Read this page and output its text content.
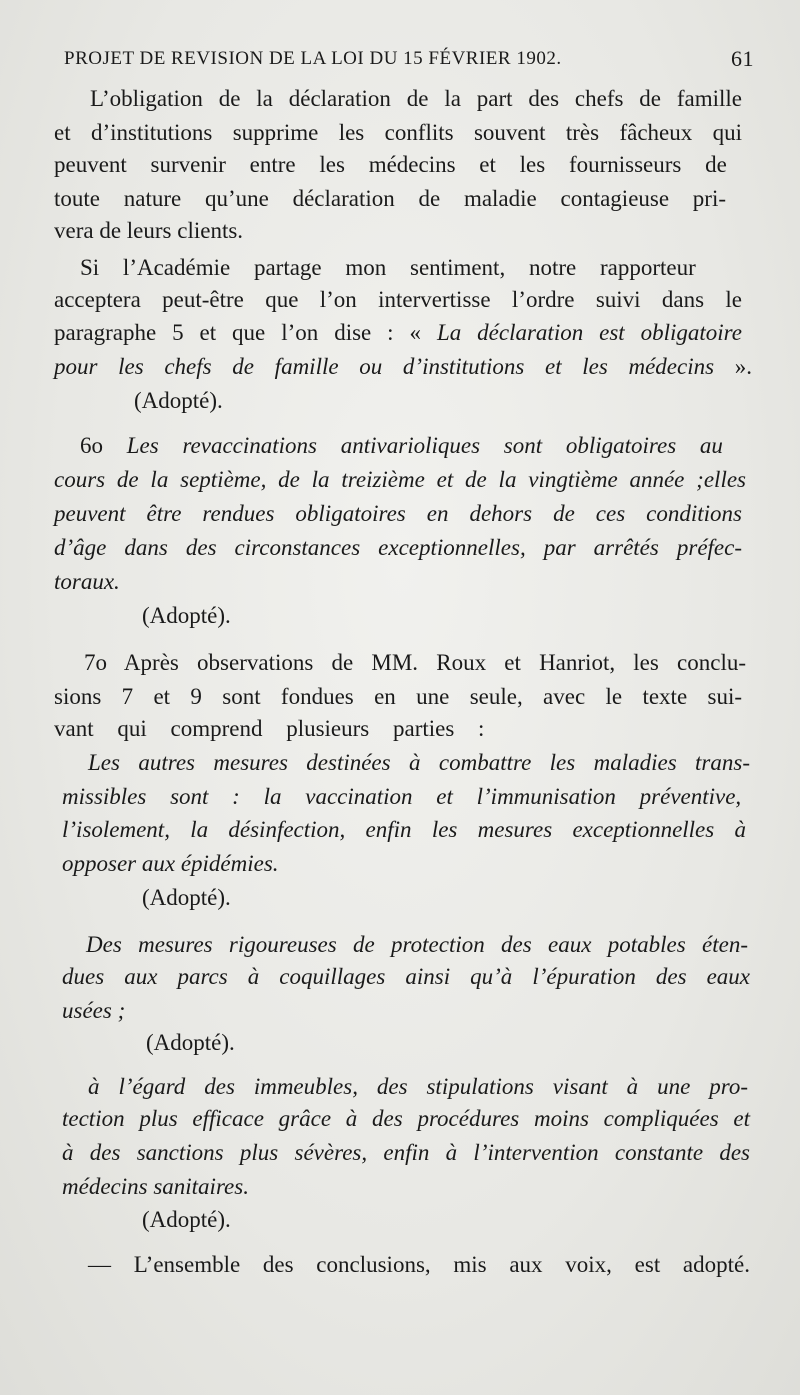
PROJET DE REVISION DE LA LOI DU 15 FÉVRIER 1902.	61
L’obligation de la déclaration de la part des chefs de famille
et d’institutions supprime les conflits souvent très fâcheux qui
peuvent survenir entre les médecins et les fournisseurs de
toute nature qu’une déclaration de maladie contagieuse pri-
vera de leurs clients.
Si l’Académie partage mon sentiment, notre rapporteur
acceptera peut-être que l’on intervertisse l’ordre suivi dans le
paragraphe 5 et que l’on dise : « La déclaration est obligatoire
pour les chefs de famille ou d’institutions et les médecins ».
(Adopté).
6o Les revaccinations antivarioliques sont obligatoires au
cours de la septième, de la treizième et de la vingtième année ;elles
peuvent être rendues obligatoires en dehors de ces conditions
d’âge dans des circonstances exceptionnelles, par arrêtés préfec-
toraux.
(Adopté).
7o Après observations de MM. Roux et Hanriot, les conclu-
sions 7 et 9 sont fondues en une seule, avec le texte sui-
vant qui comprend plusieurs parties :
Les autres mesures destinées à combattre les maladies trans-
missibles sont : la vaccination et l’immunisation préventive,
l’isolement, la désinfection, enfin les mesures exceptionnelles à
opposer aux épidémies.
(Adopté).
Des mesures rigoureuses de protection des eaux potables éten-
dues aux parcs à coquillages ainsi qu’à l’épuration des eaux
usées ;
(Adopté).
à l’égard des immeubles, des stipulations visant à une pro-
tection plus efficace grâce à des procédures moins compliquées et
à des sanctions plus sévères, enfin à l’intervention constante des
médecins sanitaires.
(Adopté).
— L’ensemble des conclusions, mis aux voix, est adopté.
